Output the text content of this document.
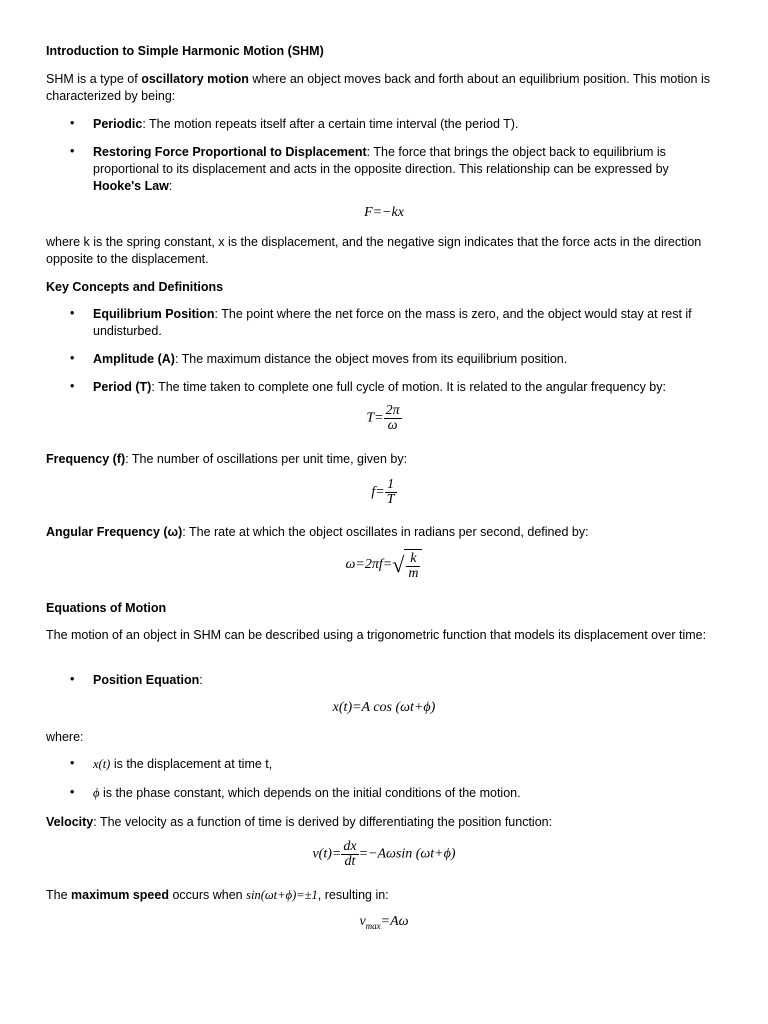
Introduction to Simple Harmonic Motion (SHM)
SHM is a type of oscillatory motion where an object moves back and forth about an equilibrium position. This motion is characterized by being:
• Periodic: The motion repeats itself after a certain time interval (the period T).
• Restoring Force Proportional to Displacement: The force that brings the object back to equilibrium is proportional to its displacement and acts in the opposite direction. This relationship can be expressed by Hooke's Law:
F=−kx
where k is the spring constant, x is the displacement, and the negative sign indicates that the force acts in the direction opposite to the displacement.
Key Concepts and Definitions
• Equilibrium Position: The point where the net force on the mass is zero, and the object would stay at rest if undisturbed.
• Amplitude (A): The maximum distance the object moves from its equilibrium position.
• Period (T): The time taken to complete one full cycle of motion. It is related to the angular frequency by:
$T= \frac{2\pi}{\omega}$
Frequency (f): The number of oscillations per unit time, given by:
$f= \frac{1}{T}$
Angular Frequency (ω): The rate at which the object oscillates in radians per second, defined by:
$\omega=2\pi f=√ \frac{k}{m}$
Equations of Motion
The motion of an object in SHM can be described using a trigonometric function that models its displacement over time:
• Position Equation:
x(t)=A cos (ωt+ϕ)
where:
• x(t) is the displacement at time t,
• ϕ is the phase constant, which depends on the initial conditions of the motion.
Velocity: The velocity as a function of time is derived by differentiating the position function:
$v(t)= \frac{dx}{dt} =-A\omega\sin$ (ωt+ϕ)
The maximum speed occurs when sin(ωt+ϕ)=±1, resulting in:
$v_{max}=A\omega$
